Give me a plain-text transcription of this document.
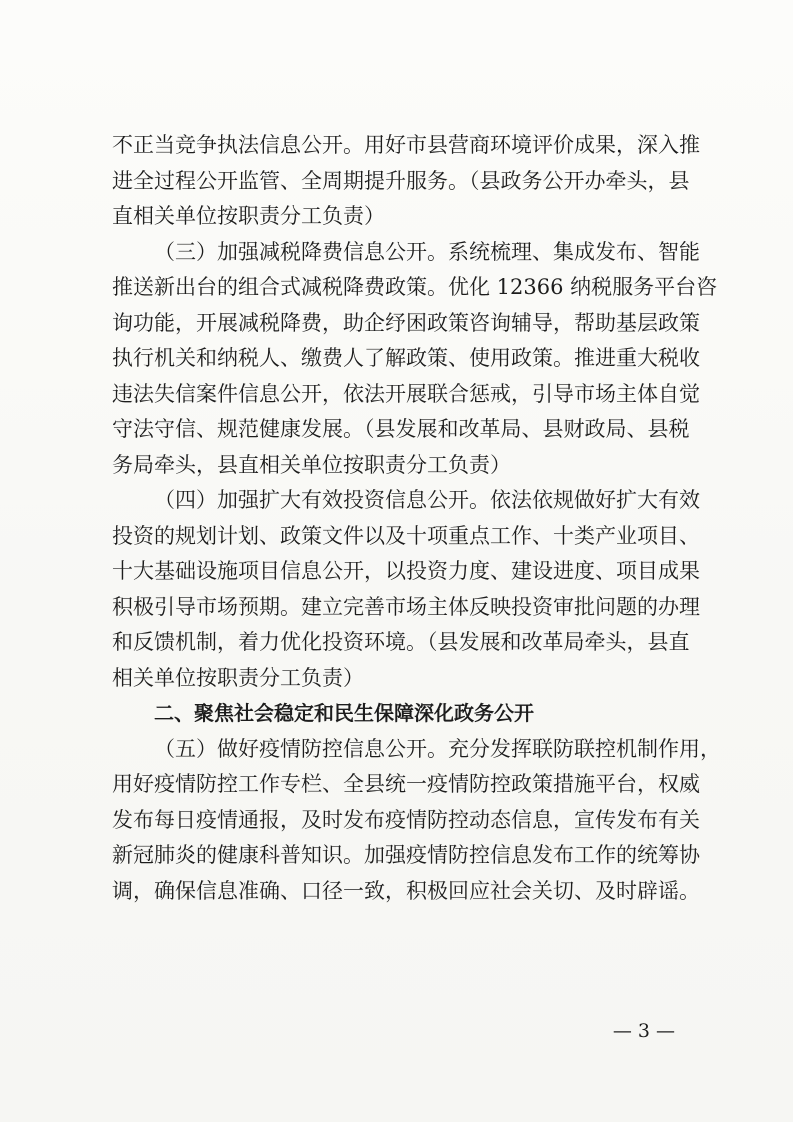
不正当竞争执法信息公开。用好市县营商环境评价成果，深入推
进全过程公开监管、全周期提升服务。（县政务公开办牵头，县
直相关单位按职责分工负责）
（三）加强减税降费信息公开。系统梳理、集成发布、智能
推送新出台的组合式减税降费政策。优化 12366 纳税服务平台咨
询功能，开展减税降费，助企纾困政策咨询辅导，帮助基层政策
执行机关和纳税人、缴费人了解政策、使用政策。推进重大税收
违法失信案件信息公开，依法开展联合惩戒，引导市场主体自觉
守法守信、规范健康发展。（县发展和改革局、县财政局、县税
务局牵头，县直相关单位按职责分工负责）
（四）加强扩大有效投资信息公开。依法依规做好扩大有效
投资的规划计划、政策文件以及十项重点工作、十类产业项目、
十大基础设施项目信息公开，以投资力度、建设进度、项目成果
积极引导市场预期。建立完善市场主体反映投资审批问题的办理
和反馈机制，着力优化投资环境。（县发展和改革局牵头，县直
相关单位按职责分工负责）
二、聚焦社会稳定和民生保障深化政务公开
（五）做好疫情防控信息公开。充分发挥联防联控机制作用，
用好疫情防控工作专栏、全县统一疫情防控政策措施平台，权威
发布每日疫情通报，及时发布疫情防控动态信息，宣传发布有关
新冠肺炎的健康科普知识。加强疫情防控信息发布工作的统筹协
调，确保信息准确、口径一致，积极回应社会关切、及时辟谣。
— 3 —
